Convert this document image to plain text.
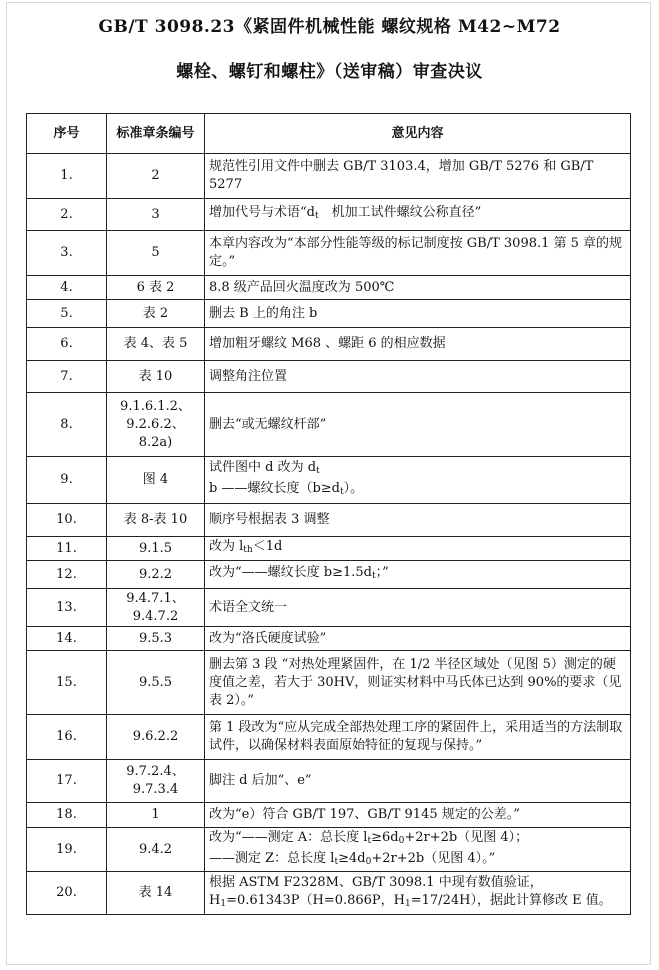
GB/T 3098.23《紧固件机械性能 螺纹规格 M42~M72
螺栓、螺钉和螺柱》（送审稿）审查决议
序号	标准章条编号	意见内容
1.	2	规范性引用文件中删去 GB/T 3103.4，增加 GB/T 5276 和 GB/T 5277
2.	3	增加代号与术语“$d_t$　机加工试件螺纹公称直径”
3.	5	本章内容改为“本部分性能等级的标记制度按 GB/T 3098.1 第 5 章的规定。”
4.	6 表 2	8.8 级产品回火温度改为 500℃
5.	表 2	删去 B 上的角注 b
6.	表 4、表 5	增加粗牙螺纹 M68 、螺距 6 的相应数据
7.	表 10	调整角注位置
8.	9.1.6.1.2、
9.2.6.2、
8.2a)	删去“或无螺纹杆部”
9.	图 4	试件图中 d 改为 $d_t$
b ——螺纹长度$(b\ge d_t)$。
10.	表 8-表 10	顺序号根据表 3 调整
11.	9.1.5	改为 $l_{th}<1d$
12.	9.2.2	改为“——螺纹长度 $b\ge 1.5d_t$；”
13.	9.4.7.1、
9.4.7.2	术语全文统一
14.	9.5.3	改为“洛氏硬度试验”
15.	9.5.5	删去第 3 段 “对热处理紧固件，在 1/2 半径区域处（见图 5）测定的硬度值之差，若大于 30HV，则证实材料中马氏体已达到 90%的要求（见表 2）。”
16.	9.6.2.2	第 1 段改为“应从完成全部热处理工序的紧固件上，采用适当的方法制取试件，以确保材料表面原始特征的复现与保持。”
17.	9.7.2.4、
9.7.3.4	脚注 d 后加“、e”
18.	1	改为“e）符合 GB/T 197、GB/T 9145 规定的公差。”
19.	9.4.2	改为“——测定 A：总长度 $l_t\ge 6d_0+2r+2b$（见图 4）；
——测定 Z：总长度 $l_t\ge 4d_0+2r+2b$（见图 4）。”
20.	表 14	根据 ASTM F2328M、GB/T 3098.1 中现有数值验证，$H_1=0.61343P(H=0.866P$，$H_1=17/24H$），据此计算修改 E 值。
